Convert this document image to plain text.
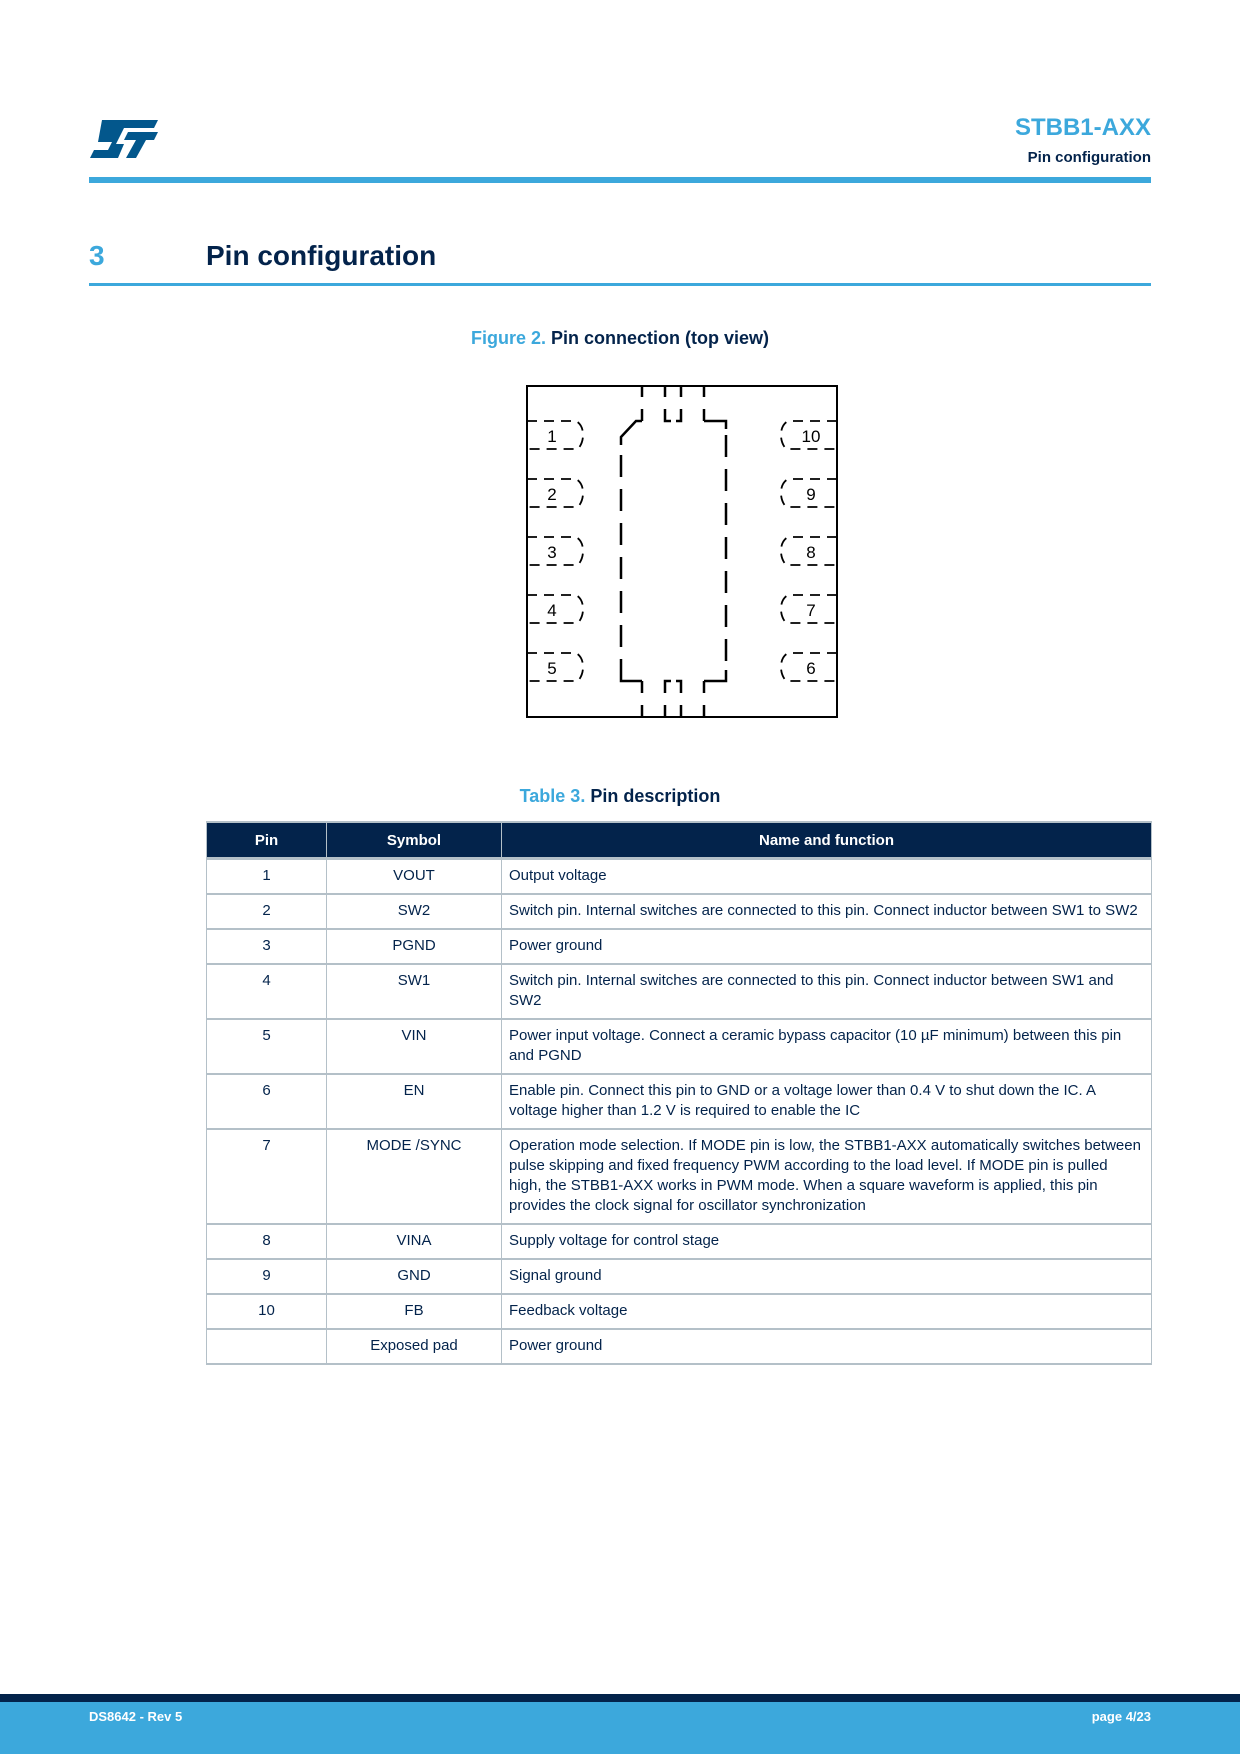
STBB1-AXX
Pin configuration
3	Pin configuration
Figure 2. Pin connection (top view)
1
2
3
4
5
10
9
8
7
6
Table 3. Pin description
Pin	Symbol	Name and function
1	VOUT	Output voltage
2	SW2	Switch pin. Internal switches are connected to this pin. Connect inductor between SW1 to SW2
3	PGND	Power ground
4	SW1	Switch pin. Internal switches are connected to this pin. Connect inductor between SW1 and SW2
5	VIN	Power input voltage. Connect a ceramic bypass capacitor (10 µF minimum) between this pin and PGND
6	EN	Enable pin. Connect this pin to GND or a voltage lower than 0.4 V to shut down the IC. A voltage higher than 1.2 V is required to enable the IC
7	MODE /SYNC	Operation mode selection. If MODE pin is low, the STBB1-AXX automatically switches between pulse skipping and fixed frequency PWM according to the load level. If MODE pin is pulled high, the STBB1-AXX works in PWM mode. When a square waveform is applied, this pin provides the clock signal for oscillator synchronization
8	VINA	Supply voltage for control stage
9	GND	Signal ground
10	FB	Feedback voltage
	Exposed pad	Power ground
DS8642 - Rev 5	page 4/23
